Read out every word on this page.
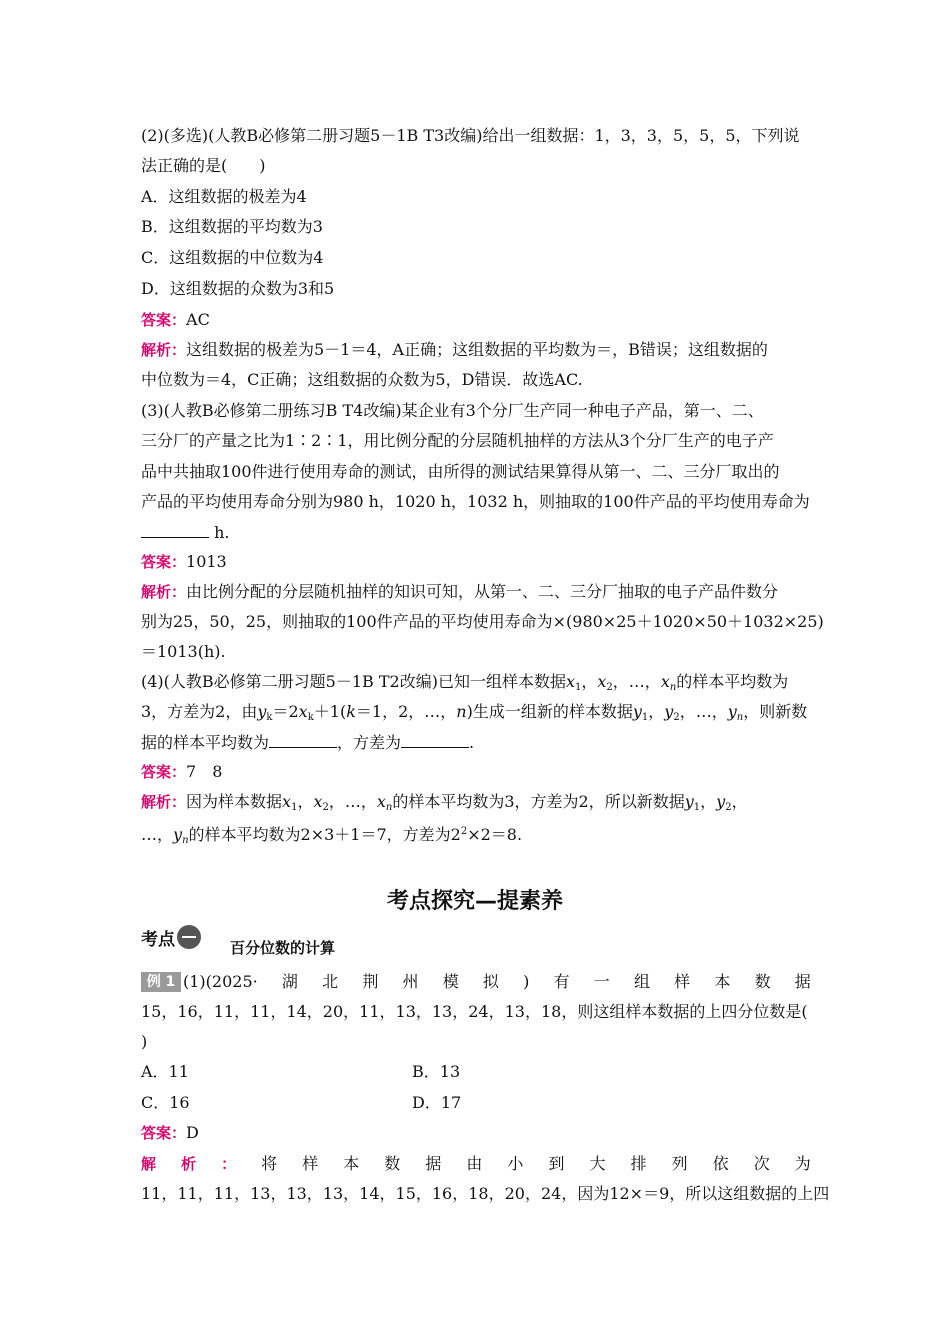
(2)(多选)(人教B必修第二册习题5－1B T3改编)给出一组数据：1，3，3，5，5，5，下列说
法正确的是(　　)
A．这组数据的极差为4
B．这组数据的平均数为3
C．这组数据的中位数为4
D．这组数据的众数为3和5
答案：AC
解析：这组数据的极差为5－1＝4，A正确；这组数据的平均数为＝，B错误；这组数据的
中位数为＝4，C正确；这组数据的众数为5，D错误．故选AC.
(3)(人教B必修第二册练习B T4改编)某企业有3个分厂生产同一种电子产品，第一、二、
三分厂的产量之比为1∶2∶1，用比例分配的分层随机抽样的方法从3个分厂生产的电子产
品中共抽取100件进行使用寿命的测试，由所得的测试结果算得从第一、二、三分厂取出的
产品的平均使用寿命分别为980 h，1020 h，1032 h，则抽取的100件产品的平均使用寿命为
h.
答案：1013
解析：由比例分配的分层随机抽样的知识可知，从第一、二、三分厂抽取的电子产品件数分
别为25，50，25，则抽取的100件产品的平均使用寿命为×(980×25＋1020×50＋1032×25)
＝1013(h).
(4)(人教B必修第二册习题5－1B T2改编)已知一组样本数据$x_1$，$x_2$，…，$x_n$的样本平均数为
3，方差为2，由$y_k=2x_k+1(k=1$，2，…，n)生成一组新的样本数据$y_1$，$y_2$，…，$y_n$，则新数
据的样本平均数为	，方差为	.
答案：7　8
解析：因为样本数据$x_1$，$x_2$，…，$x_n$的样本平均数为3，方差为2，所以新数据$y_1$，$y_2$，
…，$y_n$的样本平均数为2×3＋1＝7，方差为$2^2\times 2=8$.
考点探究—提素养
考点	百分位数的计算
例 1 (1)(2025· 湖 北 荆 州 模 拟 ) 有 一 组 样 本 数 据
15，16，11，11，14，20，11，13，13，24，13，18，则这组样本数据的上四分位数是(
)
A．11	B．13
C．16	D．17
答案：D
解 析 ： 将 样 本 数 据 由 小 到 大 排 列 依 次 为
11，11，11，13，13，13，14，15，16，18，20，24，因为12×＝9，所以这组数据的上四
